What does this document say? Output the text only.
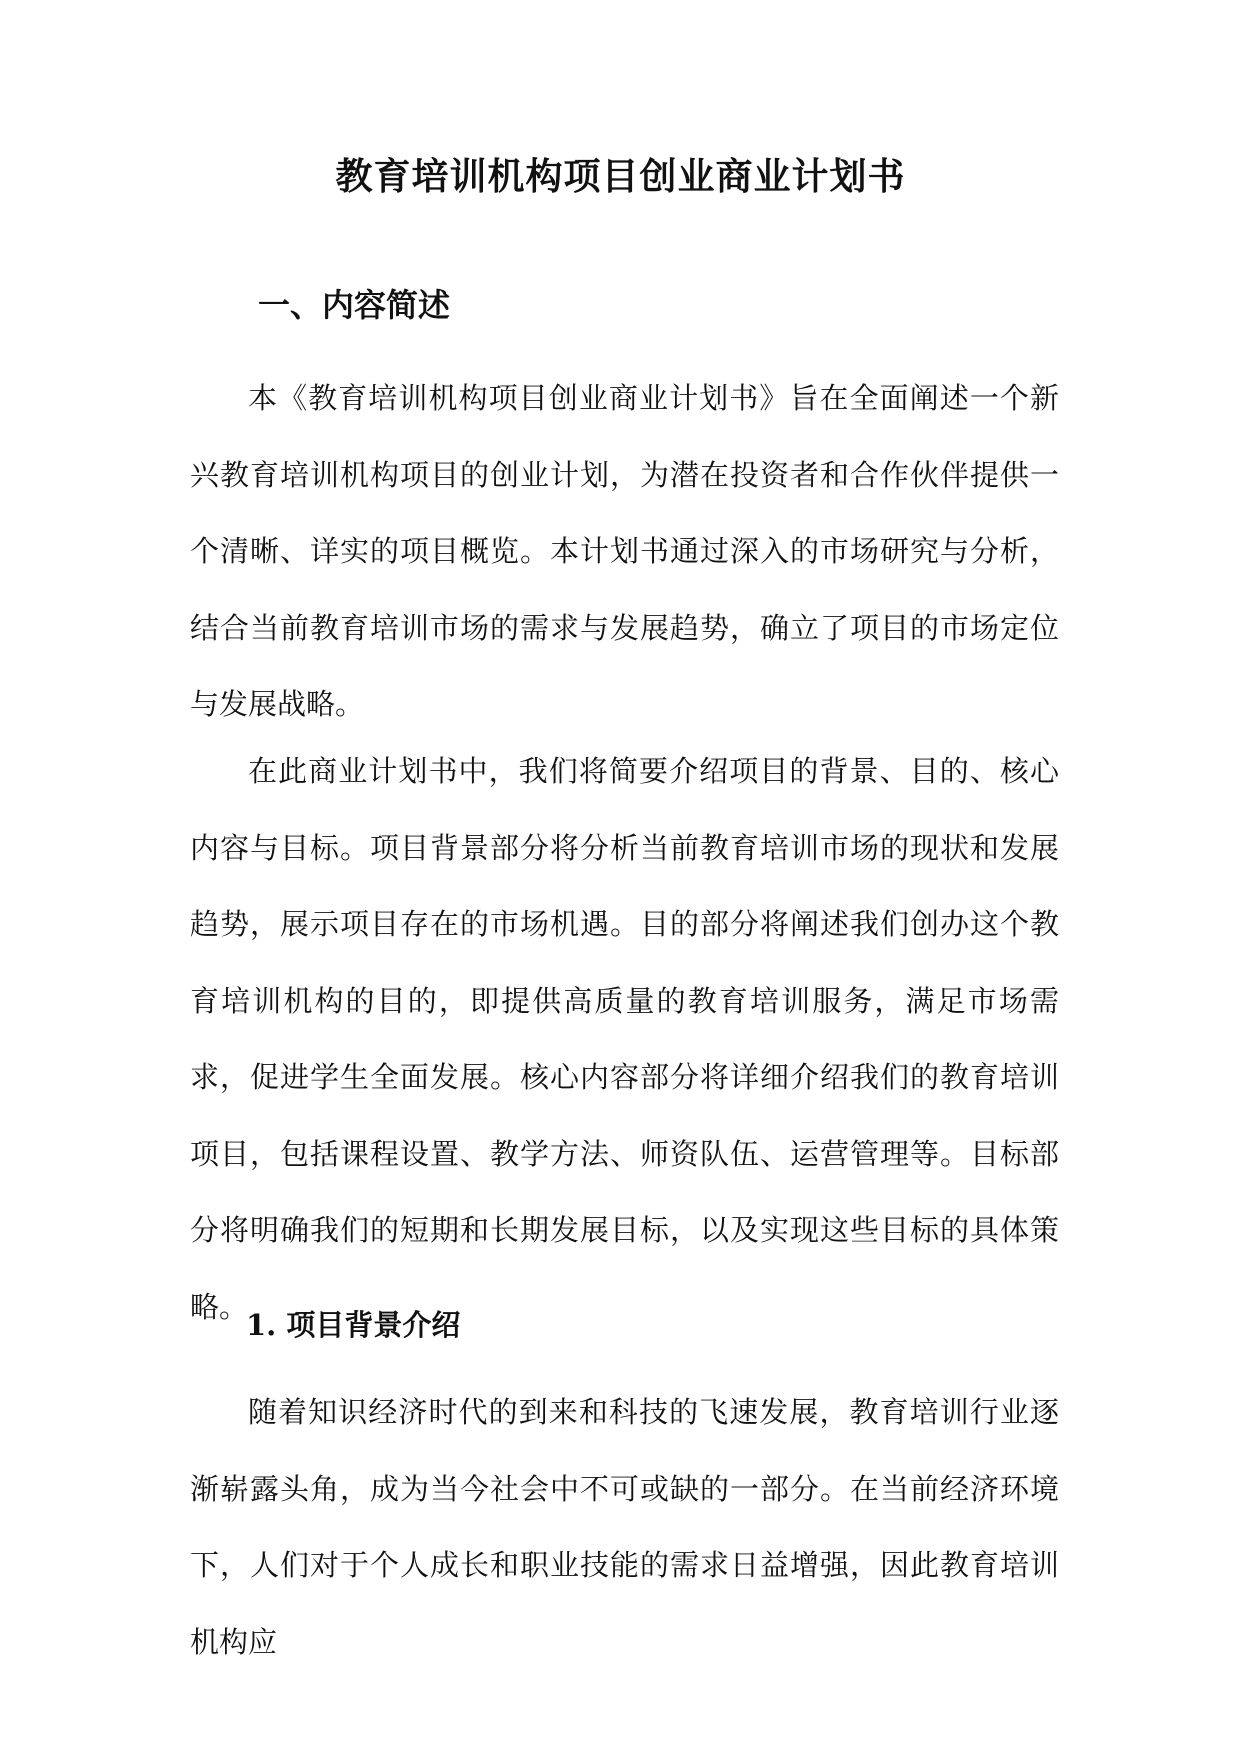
教育培训机构项目创业商业计划书
一、内容简述

本《教育培训机构项目创业商业计划书》旨在全面阐述一个新兴教育培训机构项目的创业计划，为潜在投资者和合作伙伴提供一个清晰、详实的项目概览。本计划书通过深入的市场研究与分析，结合当前教育培训市场的需求与发展趋势，确立了项目的市场定位与发展战略。

在此商业计划书中，我们将简要介绍项目的背景、目的、核心内容与目标。项目背景部分将分析当前教育培训市场的现状和发展趋势，展示项目存在的市场机遇。目的部分将阐述我们创办这个教育培训机构的目的，即提供高质量的教育培训服务，满足市场需求，促进学生全面发展。核心内容部分将详细介绍我们的教育培训项目，包括课程设置、教学方法、师资队伍、运营管理等。目标部分将明确我们的短期和长期发展目标，以及实现这些目标的具体策略。

1. 项目背景介绍

随着知识经济时代的到来和科技的飞速发展，教育培训行业逐渐崭露头角，成为当今社会中不可或缺的一部分。在当前经济环境下，人们对于个人成长和职业技能的需求日益增强，因此教育培训机构应
